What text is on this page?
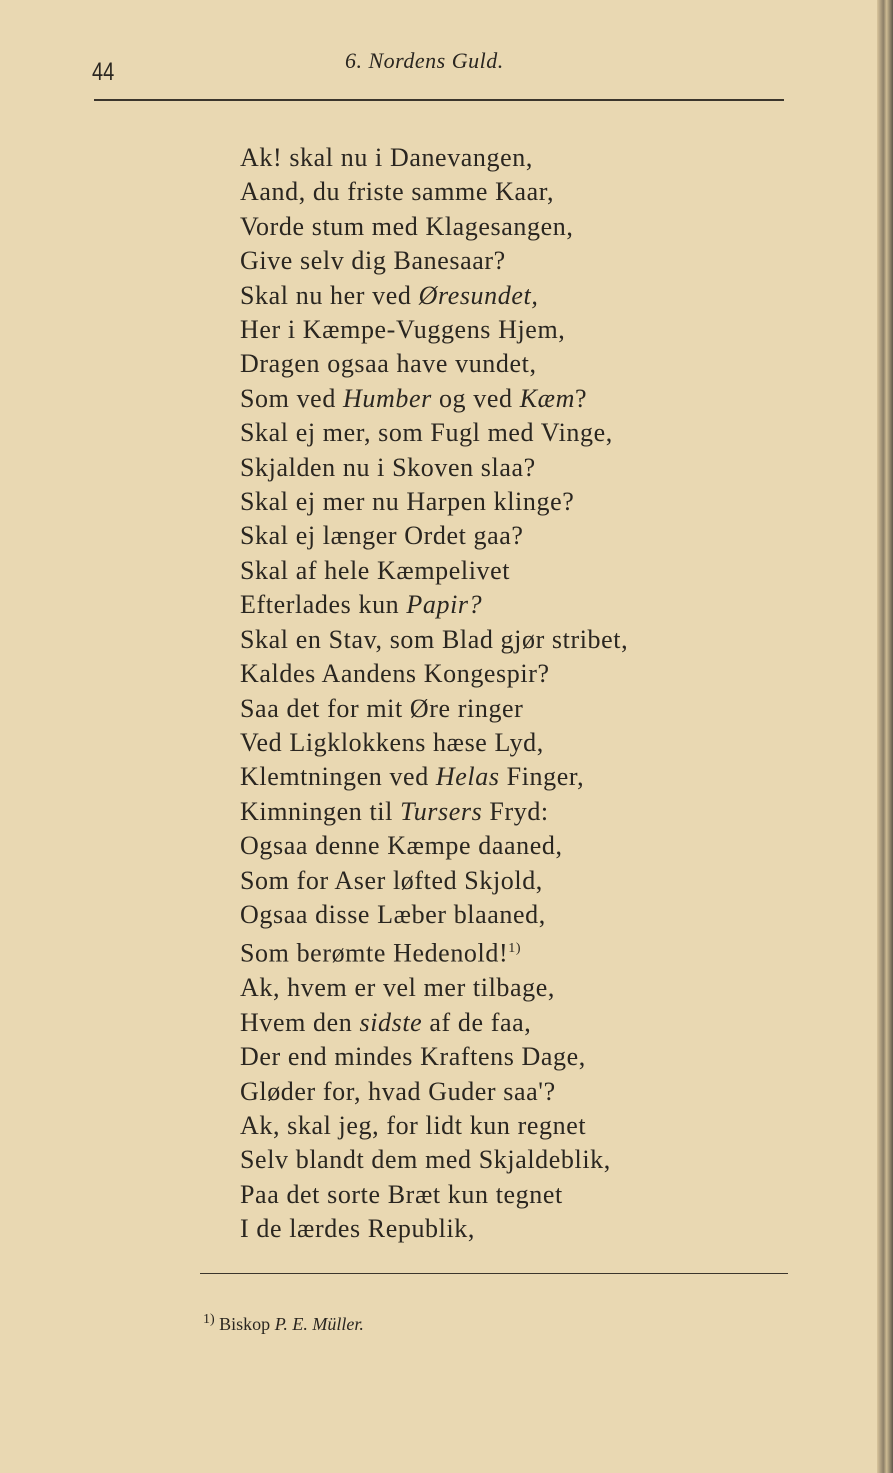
44	6. Nordens Guld.
Ak! skal nu i Danevangen,
Aand, du friste samme Kaar,
Vorde stum med Klagesangen,
Give selv dig Banesaar?
Skal nu her ved Øresundet,
Her i Kæmpe-Vuggens Hjem,
Dragen ogsaa have vundet,
Som ved Humber og ved Kæm?
Skal ej mer, som Fugl med Vinge,
Skjalden nu i Skoven slaa?
Skal ej mer nu Harpen klinge?
Skal ej længer Ordet gaa?
Skal af hele Kæmpelivet
Efterlades kun Papir?
Skal en Stav, som Blad gjør stribet,
Kaldes Aandens Kongespir?
Saa det for mit Øre ringer
Ved Ligklokkens hæse Lyd,
Klemtningen ved Helas Finger,
Kimningen til Tursers Fryd:
Ogsaa denne Kæmpe daaned,
Som for Aser løfted Skjold,
Ogsaa disse Læber blaaned,
Som berømte Hedenold!$^{1)}$
Ak, hvem er vel mer tilbage,
Hvem den sidste af de faa,
Der end mindes Kraftens Dage,
Gløder for, hvad Guder saa'?
Ak, skal jeg, for lidt kun regnet
Selv blandt dem med Skjaldeblik,
Paa det sorte Bræt kun tegnet
I de lærdes Republik,
$^{1)}$ Biskop P. E. Müller.
